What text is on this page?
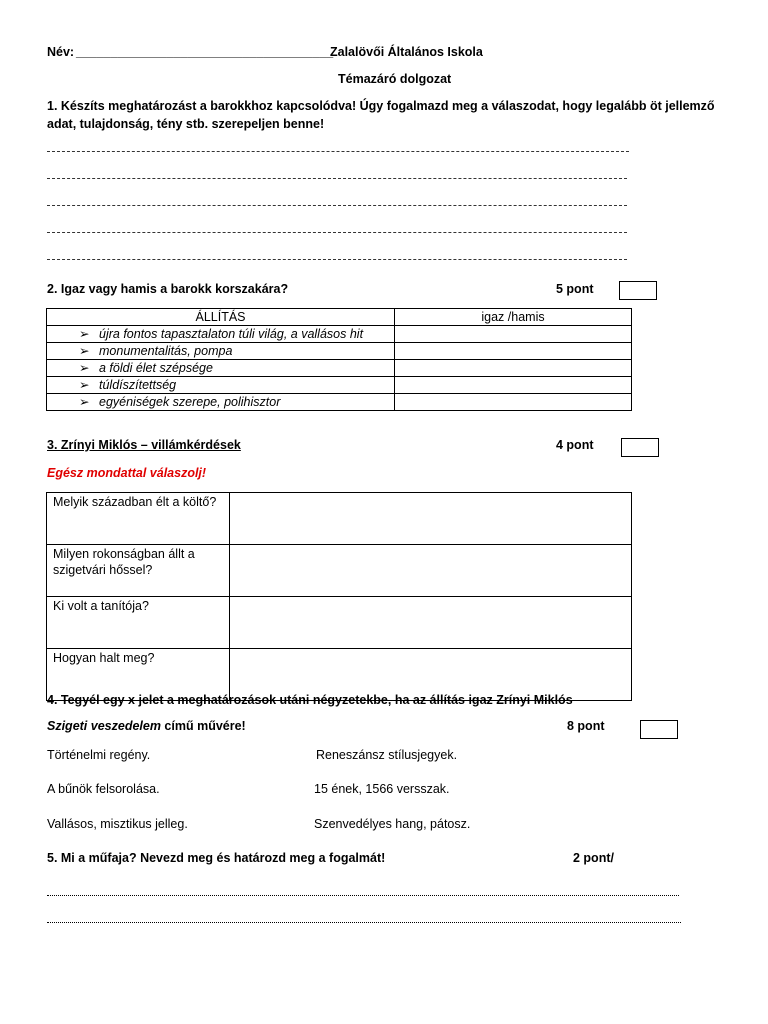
Név: _____________________________________
Zalalövői Általános Iskola
Témazáró dolgozat
1. Készíts meghatározást a barokkhoz kapcsolódva! Úgy fogalmazd meg a válaszodat, hogy legalább öt jellemző
adat, tulajdonság, tény stb. szerepeljen benne!
2. Igaz vagy hamis a barokk korszakára?	5 pont
ÁLLÍTÁS	igaz /hamis

➢ újra fontos tapasztalaton túli világ, a vallásos hit	

➢ monumentalitás, pompa	

➢ a földi élet szépsége	

➢ túldíszítettség	

➢ egyéniségek szerepe, polihisztor	
3. Zrínyi Miklós – villámkérdések	4 pont
Egész mondattal válaszolj!
Melyik században élt a költő?	
Milyen rokonságban állt a szigetvári hőssel?	
Ki volt a tanítója?	
Hogyan halt meg?	
4. Tegyél egy x jelet a meghatározások utáni négyzetekbe, ha az állítás igaz Zrínyi Miklós
Szigeti veszedelem című művére!	8 pont
Történelmi regény.	Reneszánsz stílusjegyek.
A bűnök felsorolása.	15 ének, 1566 versszak.
Vallásos, misztikus jelleg.	Szenvedélyes hang, pátosz.
5. Mi a műfaja? Nevezd meg és határozd meg a fogalmát!	2 pont/
